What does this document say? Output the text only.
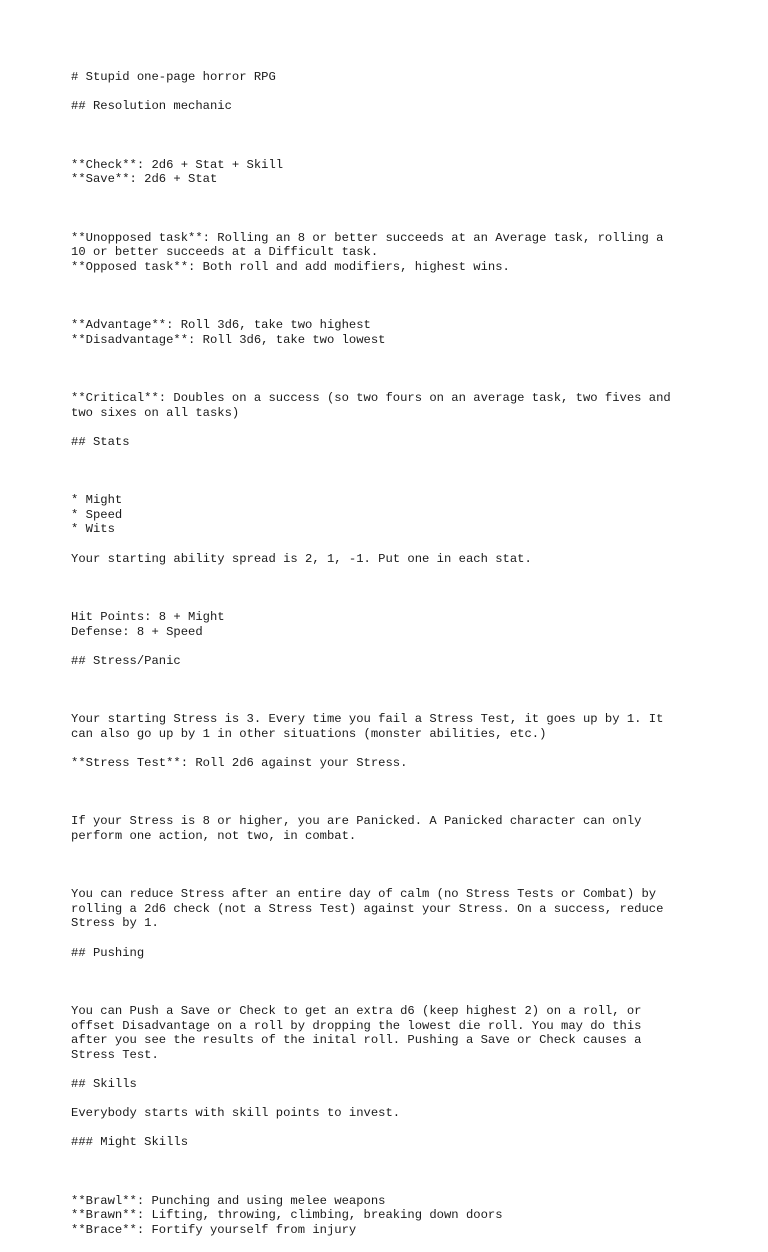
# Stupid one-page horror RPG

## Resolution mechanic

**Check**: 2d6 + Stat + Skill
**Save**: 2d6 + Stat

**Unopposed task**: Rolling an 8 or better succeeds at an Average task, rolling a
10 or better succeeds at a Difficult task.
**Opposed task**: Both roll and add modifiers, highest wins.

**Advantage**: Roll 3d6, take two highest
**Disadvantage**: Roll 3d6, take two lowest

**Critical**: Doubles on a success (so two fours on an average task, two fives and
two sixes on all tasks)

## Stats

* Might
* Speed
* Wits

Your starting ability spread is 2, 1, -1. Put one in each stat.

Hit Points: 8 + Might
Defense: 8 + Speed

## Stress/Panic

Your starting Stress is 3. Every time you fail a Stress Test, it goes up by 1. It
can also go up by 1 in other situations (monster abilities, etc.)

**Stress Test**: Roll 2d6 against your Stress.

If your Stress is 8 or higher, you are Panicked. A Panicked character can only
perform one action, not two, in combat.

You can reduce Stress after an entire day of calm (no Stress Tests or Combat) by
rolling a 2d6 check (not a Stress Test) against your Stress. On a success, reduce
Stress by 1.

## Pushing

You can Push a Save or Check to get an extra d6 (keep highest 2) on a roll, or
offset Disadvantage on a roll by dropping the lowest die roll. You may do this
after you see the results of the inital roll. Pushing a Save or Check causes a
Stress Test.

## Skills

Everybody starts with skill points to invest.

### Might Skills

**Brawl**: Punching and using melee weapons
**Brawn**: Lifting, throwing, climbing, breaking down doors
**Brace**: Fortify yourself from injury
